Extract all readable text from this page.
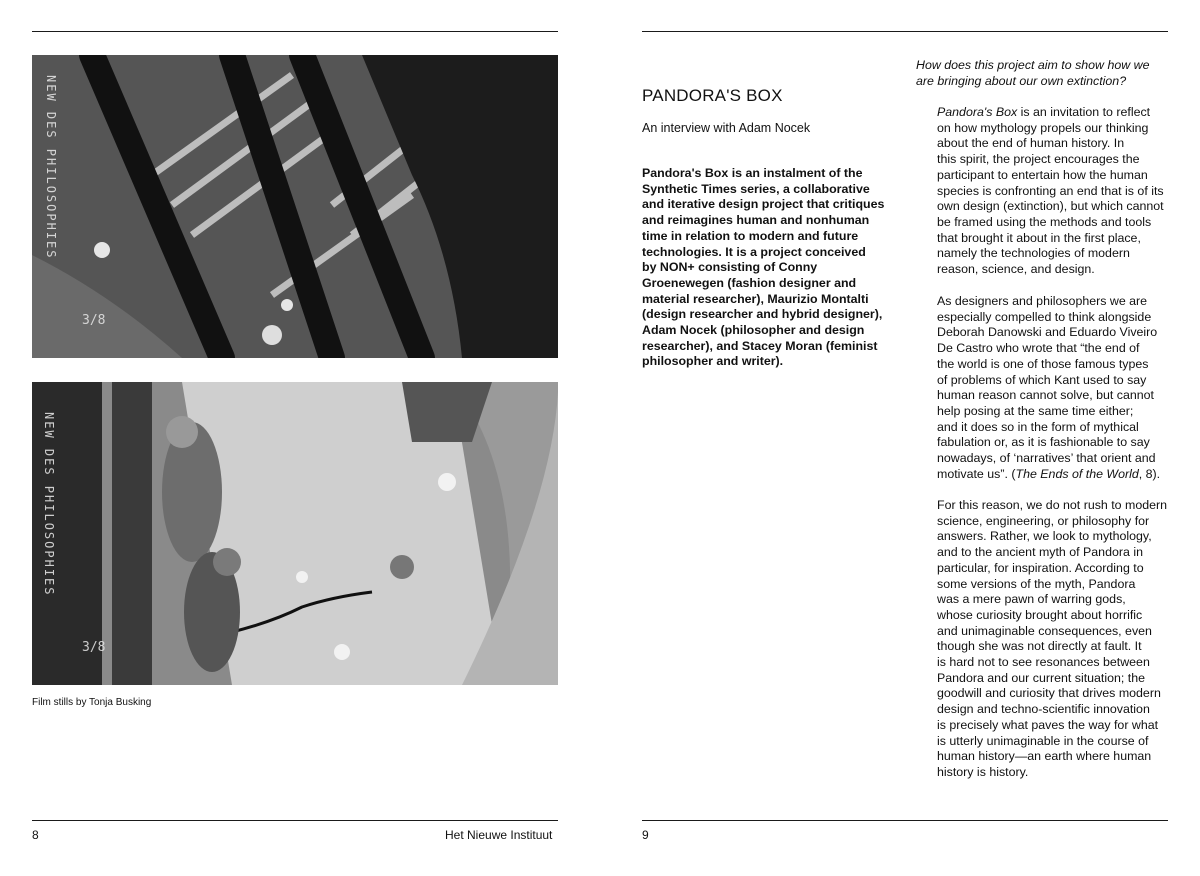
NEW DES PHILOSOPHIES
3/8
NEW DES PHILOSOPHIES
3/8
Film stills by Tonja Busking
8	Het Nieuwe Instituut	9
PANDORA'S BOX
An interview with Adam Nocek
Pandora's Box is an instalment of the
Synthetic Times series, a collaborative
and iterative design project that critiques
and reimagines human and nonhuman
time in relation to modern and future
technologies. It is a project conceived
by NON+ consisting of Conny
Groenewegen (fashion designer and
material researcher), Maurizio Montalti
(design researcher and hybrid designer),
Adam Nocek (philosopher and design
researcher), and Stacey Moran (feminist
philosopher and writer).
How does this project aim to show how we
are bringing about our own extinction?
Pandora's Box is an invitation to reflect
on how mythology propels our thinking
about the end of human history. In
this spirit, the project encourages the
participant to entertain how the human
species is confronting an end that is of its
own design (extinction), but which cannot
be framed using the methods and tools
that brought it about in the first place,
namely the technologies of modern
reason, science, and design.
As designers and philosophers we are
especially compelled to think alongside
Deborah Danowski and Eduardo Viveiro
De Castro who wrote that “the end of
the world is one of those famous types
of problems of which Kant used to say
human reason cannot solve, but cannot
help posing at the same time either;
and it does so in the form of mythical
fabulation or, as it is fashionable to say
nowadays, of ‘narratives’ that orient and
motivate us”. (The Ends of the World, 8).
For this reason, we do not rush to modern
science, engineering, or philosophy for
answers. Rather, we look to mythology,
and to the ancient myth of Pandora in
particular, for inspiration. According to
some versions of the myth, Pandora
was a mere pawn of warring gods,
whose curiosity brought about horrific
and unimaginable consequences, even
though she was not directly at fault. It
is hard not to see resonances between
Pandora and our current situation; the
goodwill and curiosity that drives modern
design and techno-scientific innovation
is precisely what paves the way for what
is utterly unimaginable in the course of
human history—an earth where human
history is history.
